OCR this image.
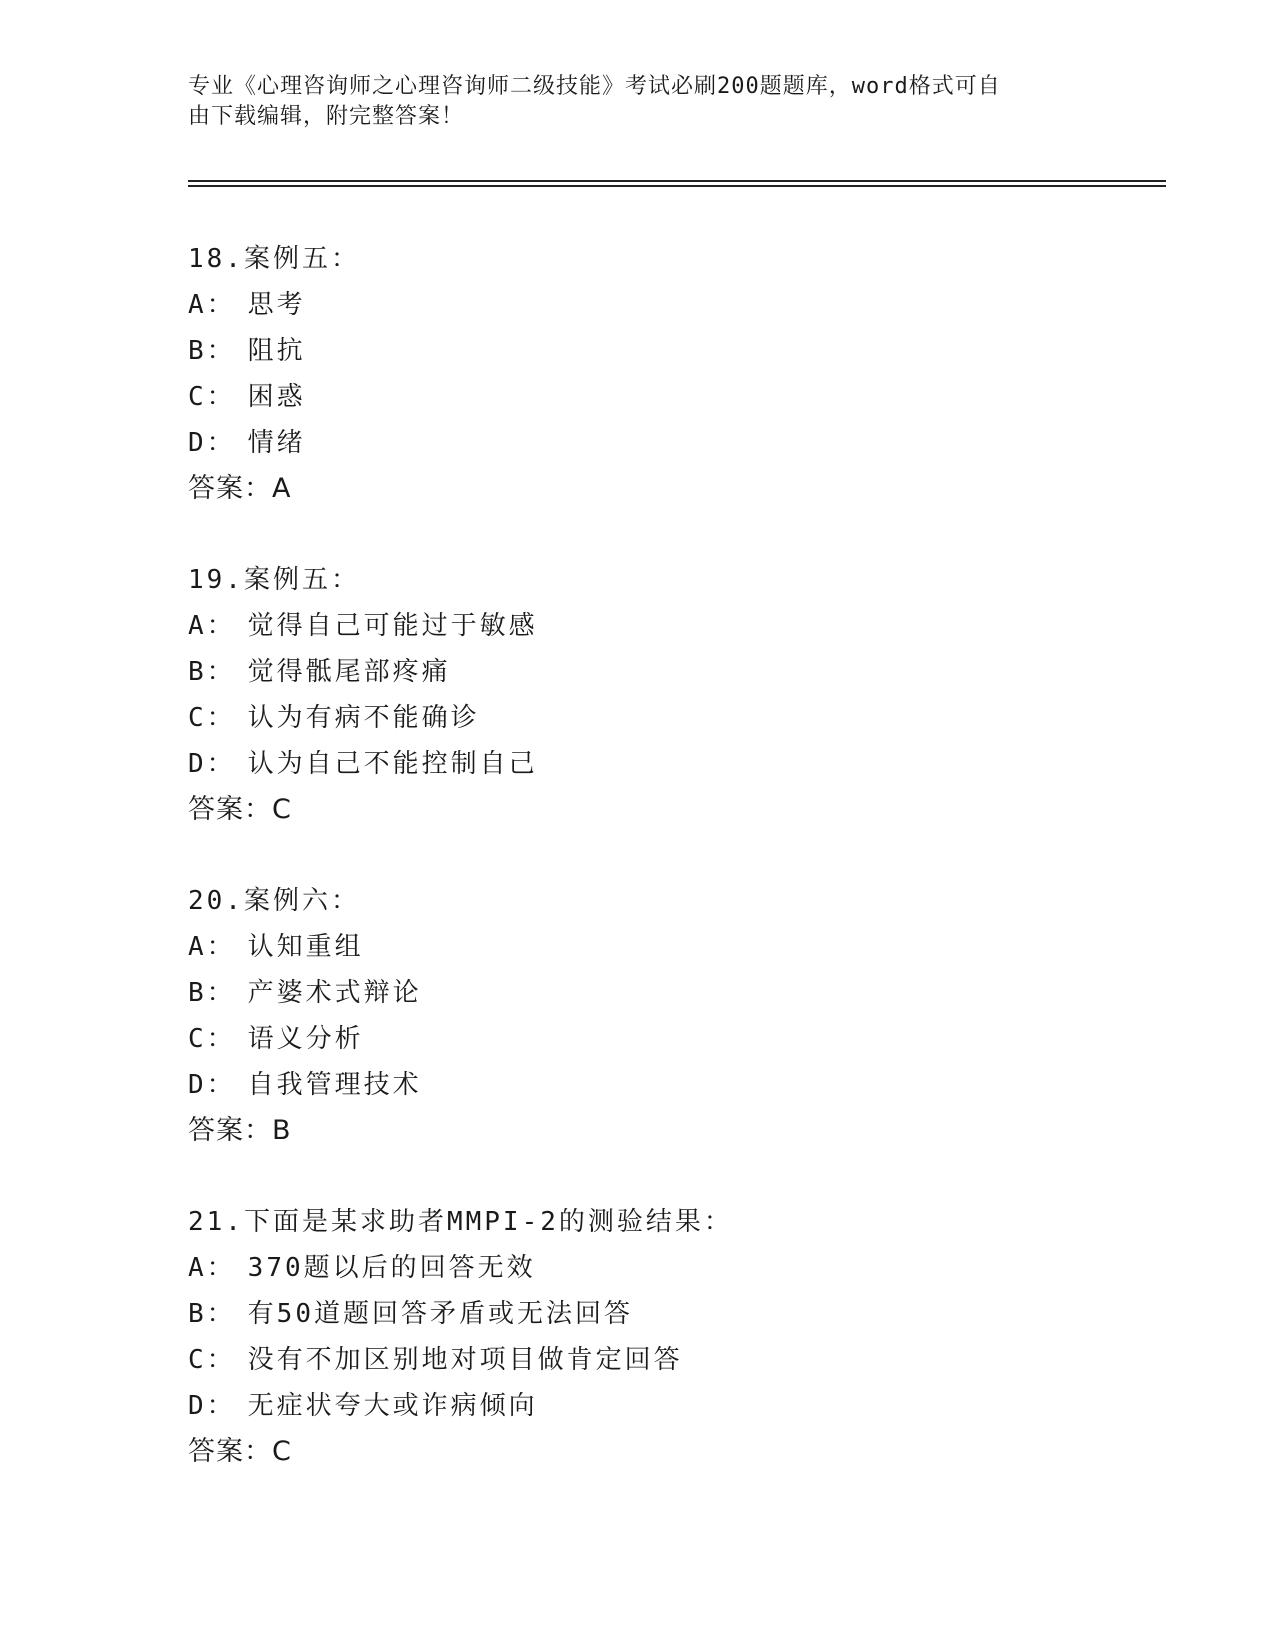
专业《心理咨询师之心理咨询师二级技能》考试必刷200题题库，word格式可自
由下载编辑，附完整答案！
18.案例五：
A： 思考
B： 阻抗
C： 困惑
D： 情绪
答案：A
19.案例五：
A： 觉得自己可能过于敏感
B： 觉得骶尾部疼痛
C： 认为有病不能确诊
D： 认为自己不能控制自己
答案：C
20.案例六：
A： 认知重组
B： 产婆术式辩论
C： 语义分析
D： 自我管理技术
答案：B
21.下面是某求助者MMPI-2的测验结果：
A： 370题以后的回答无效
B： 有50道题回答矛盾或无法回答
C： 没有不加区别地对项目做肯定回答
D： 无症状夸大或诈病倾向
答案：C
